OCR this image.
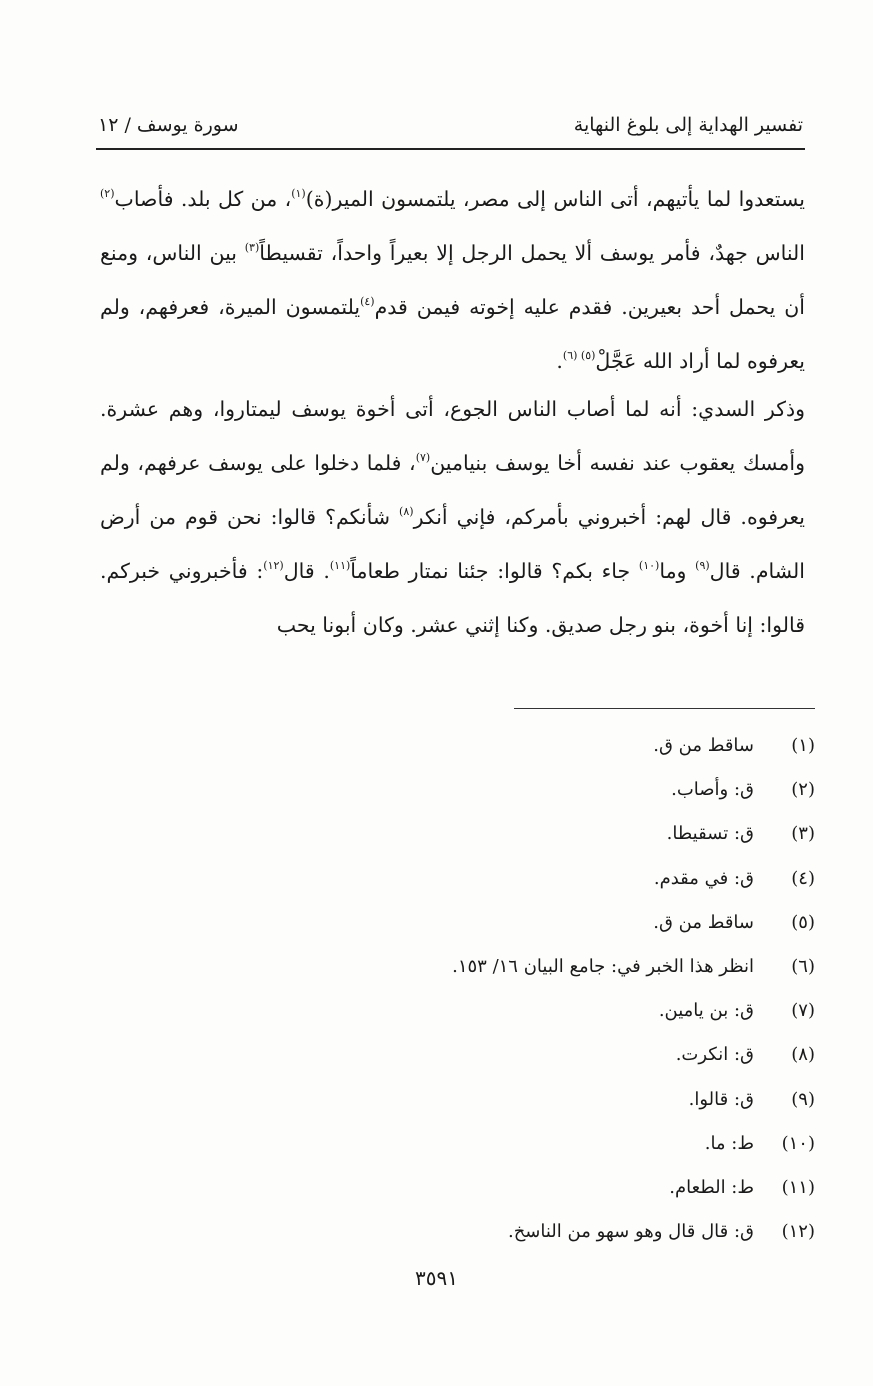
تفسير الهداية إلى بلوغ النهاية
سورة يوسف / ١٢
يستعدوا لما يأتيهم، أتى الناس إلى مصر، يلتمسون المير(ة)$^{(١)}$، من كل بلد. فأصاب$^{(٢)}$ الناس جهدٌ، فأمر يوسف ألا يحمل الرجل إلا بعيراً واحداً، تقسيطاً$^{(٣)}$ بين الناس، ومنع أن يحمل أحد بعيرين. فقدم عليه إخوته فيمن قدم$^{(٤)}$يلتمسون الميرة، فعرفهم، ولم يعرفوه لما أراد الله عَجَّلْ$^{(٥) (٦)}$.
وذكر السدي: أنه لما أصاب الناس الجوع، أتى أخوة يوسف ليمتاروا، وهم عشرة. وأمسك يعقوب عند نفسه أخا يوسف بنيامين$^{(٧)}$، فلما دخلوا على يوسف عرفهم، ولم يعرفوه. قال لهم: أخبروني بأمركم، فإني أنكر$^{(٨)}$ شأنكم؟ قالوا: نحن قوم من أرض الشام. قال$^{(٩)}$ وما$^{(١٠)}$ جاء بكم؟ قالوا: جئنا نمتار طعاماً$^{(١١)}$. قال$^{(١٢)}$: فأخبروني خبركم. قالوا: إنا أخوة، بنو رجل صديق. وكنا إثني عشر. وكان أبونا يحب
(١)ساقط من ق.
(٢)ق: وأصاب.
(٣)ق: تسقيطا.
(٤)ق: في مقدم.
(٥)ساقط من ق.
(٦)انظر هذا الخبر في: جامع البيان ١٦/ ١٥٣.
(٧)ق: بن يامين.
(٨)ق: انكرت.
(٩)ق: قالوا.
(١٠)ط: ما.
(١١)ط: الطعام.
(١٢)ق: قال قال وهو سهو من الناسخ.
٣٥٩١
